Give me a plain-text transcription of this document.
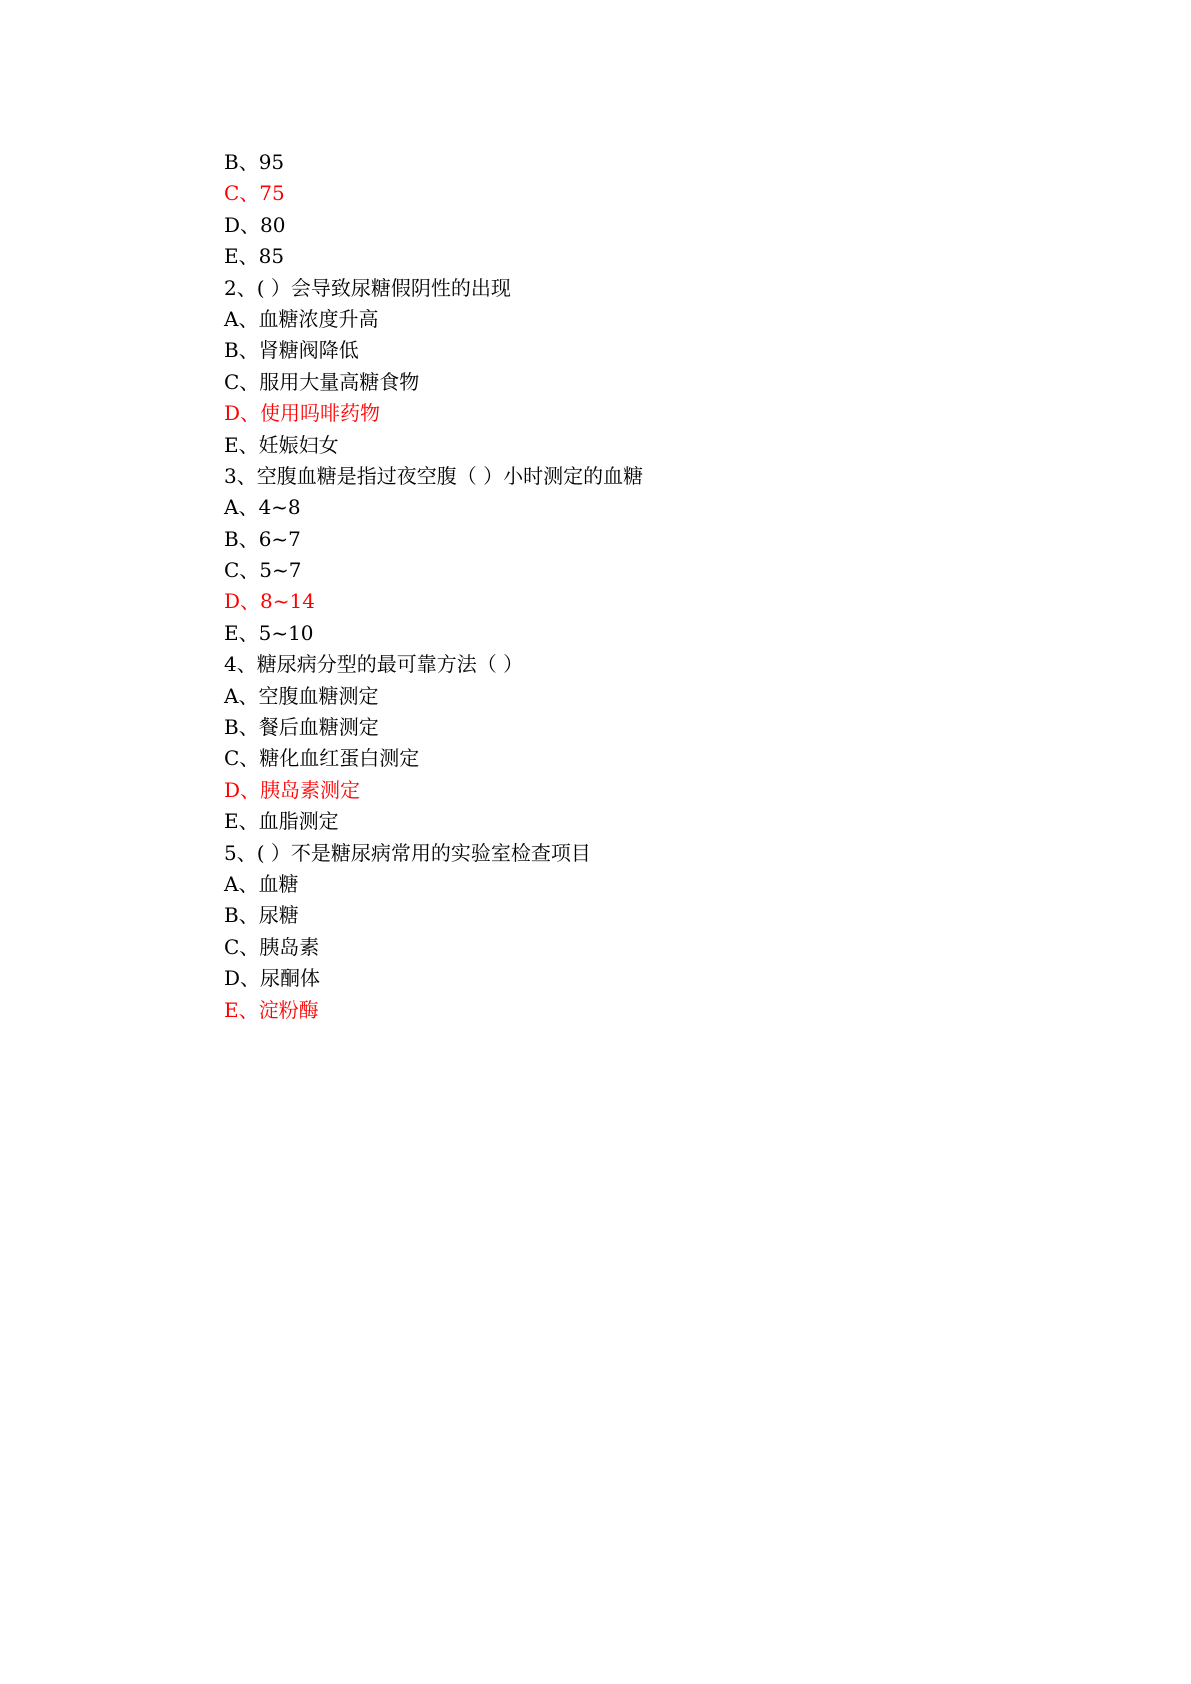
B、95
C、75
D、80
E、85
2、( ）会导致尿糖假阴性的出现
A、血糖浓度升高
B、肾糖阀降低
C、服用大量高糖食物
D、使用吗啡药物
E、妊娠妇女
3、空腹血糖是指过夜空腹（ ）小时测定的血糖
A、4~8
B、6~7
C、5~7
D、8~14
E、5~10
4、糖尿病分型的最可靠方法（ ）
A、空腹血糖测定
B、餐后血糖测定
C、糖化血红蛋白测定
D、胰岛素测定
E、血脂测定
5、( ）不是糖尿病常用的实验室检查项目
A、血糖
B、尿糖
C、胰岛素
D、尿酮体
E、淀粉酶
